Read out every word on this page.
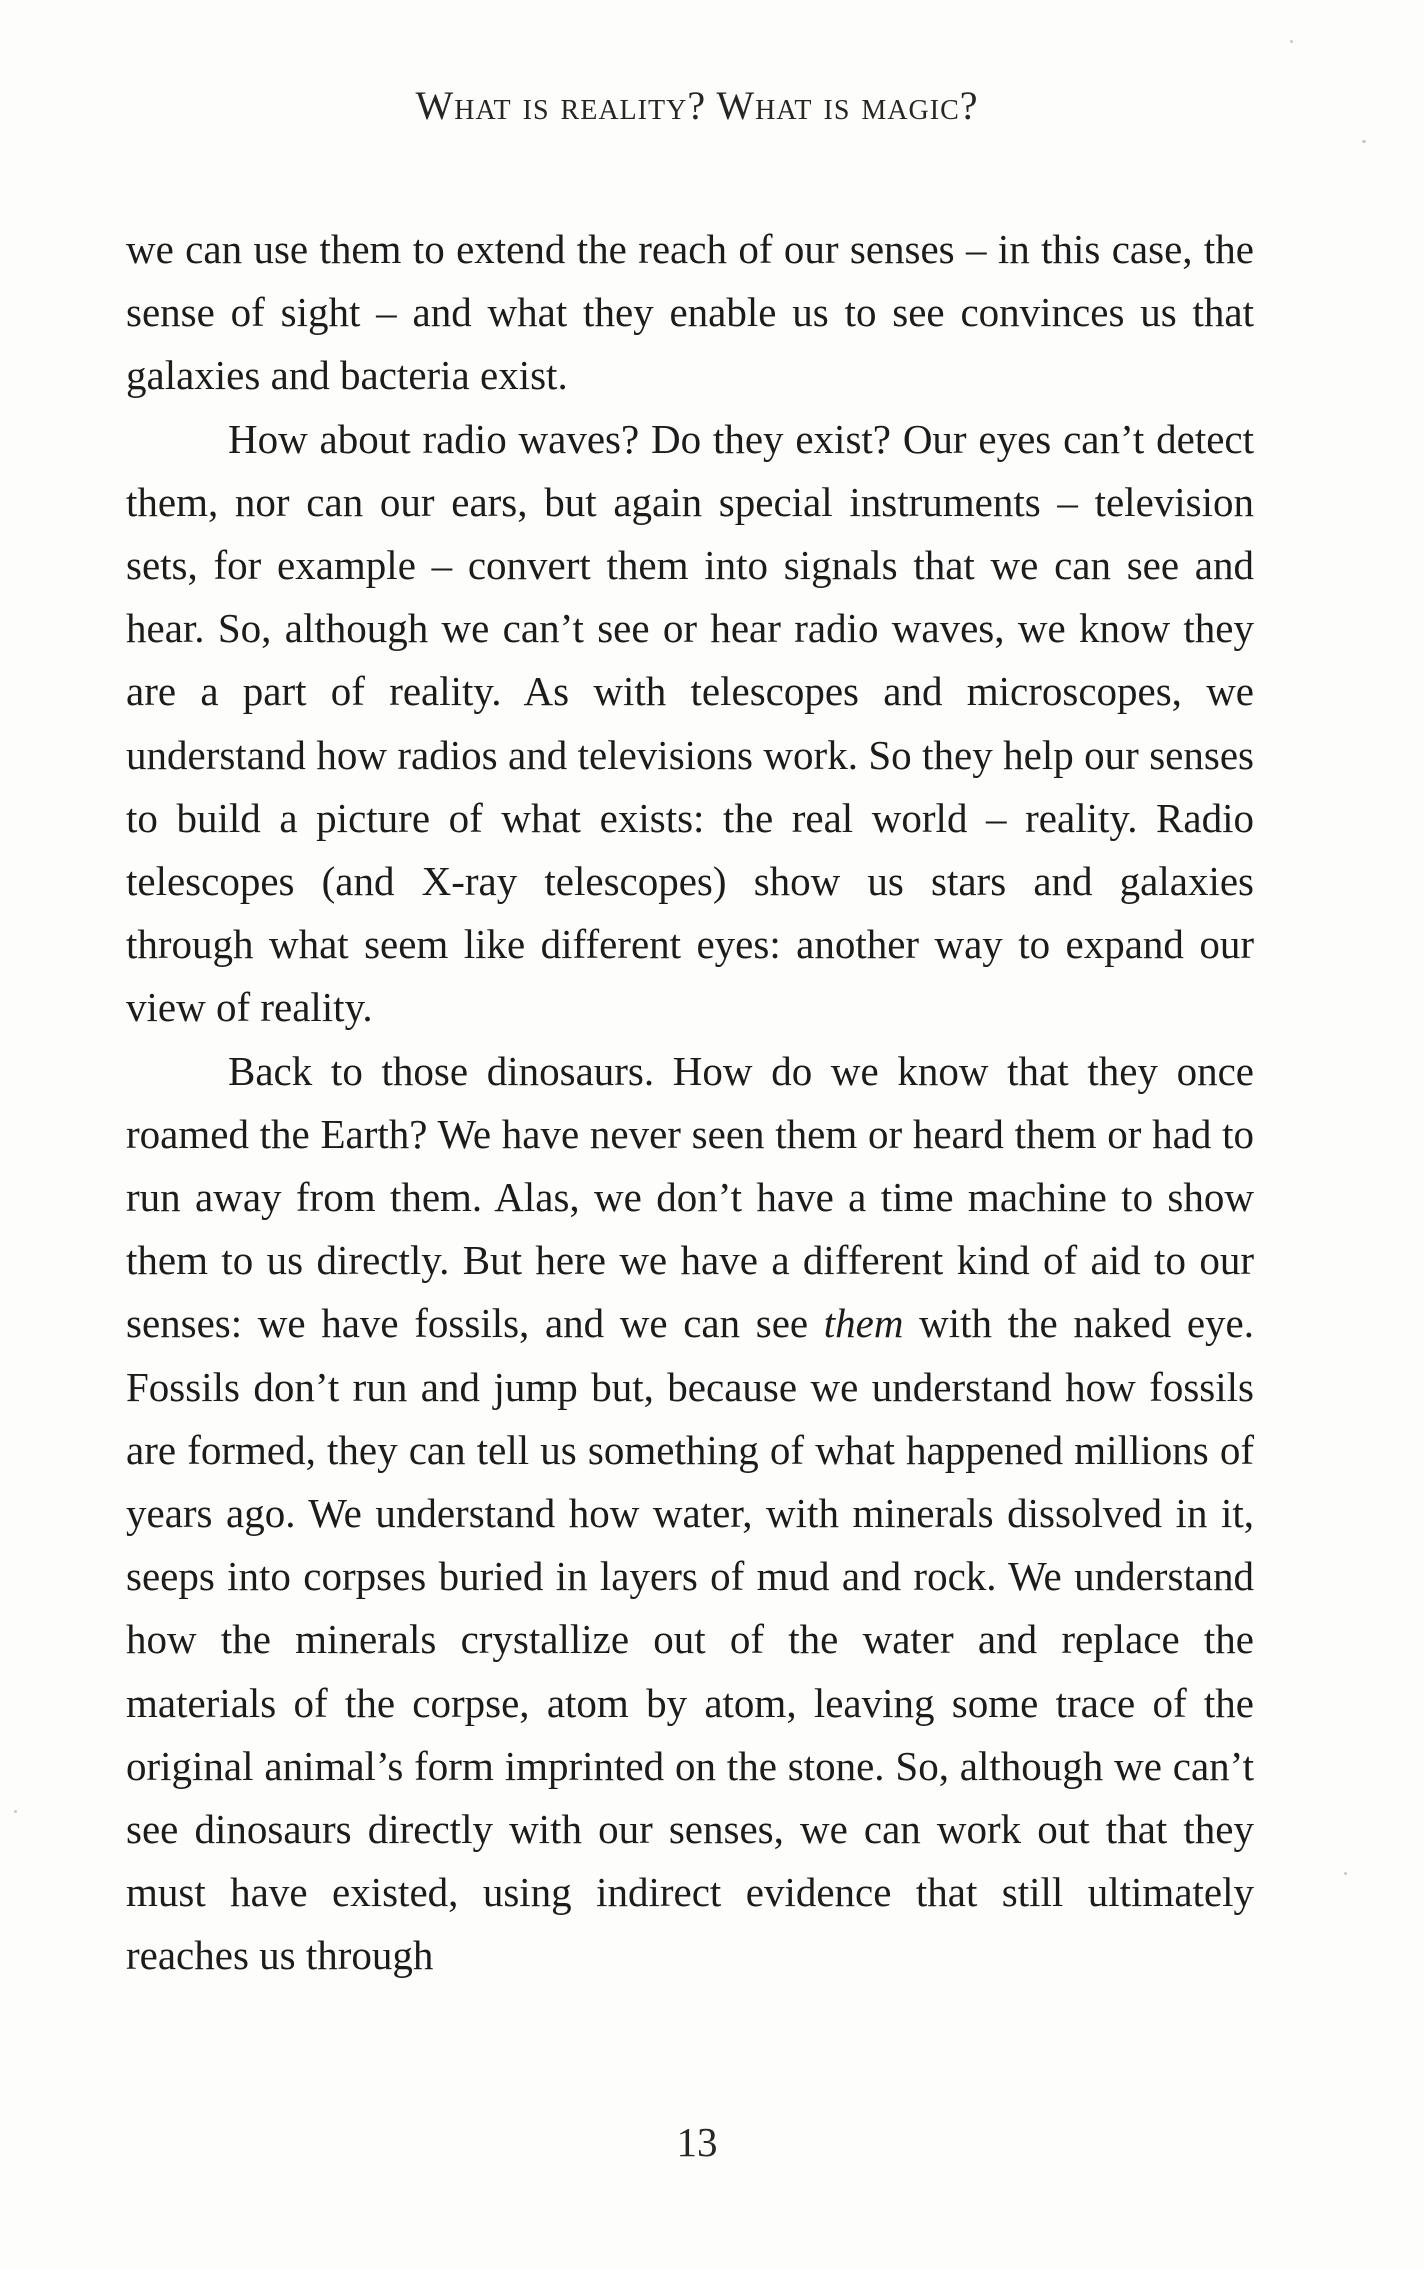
What is reality? What is magic?

we can use them to extend the reach of our senses – in this case, the sense of sight – and what they enable us to see convinces us that galaxies and bacteria exist.

How about radio waves? Do they exist? Our eyes can’t detect them, nor can our ears, but again special instruments – television sets, for example – convert them into signals that we can see and hear. So, although we can’t see or hear radio waves, we know they are a part of reality. As with telescopes and microscopes, we understand how radios and televisions work. So they help our senses to build a picture of what exists: the real world – reality. Radio telescopes (and X-ray telescopes) show us stars and galaxies through what seem like different eyes: another way to expand our view of reality.

Back to those dinosaurs. How do we know that they once roamed the Earth? We have never seen them or heard them or had to run away from them. Alas, we don’t have a time machine to show them to us directly. But here we have a different kind of aid to our senses: we have fossils, and we can see them with the naked eye. Fossils don’t run and jump but, because we understand how fossils are formed, they can tell us something of what happened millions of years ago. We understand how water, with minerals dissolved in it, seeps into corpses buried in layers of mud and rock. We understand how the minerals crystallize out of the water and replace the materials of the corpse, atom by atom, leaving some trace of the original animal’s form imprinted on the stone. So, although we can’t see dinosaurs directly with our senses, we can work out that they must have existed, using indirect evidence that still ultimately reaches us through

13
